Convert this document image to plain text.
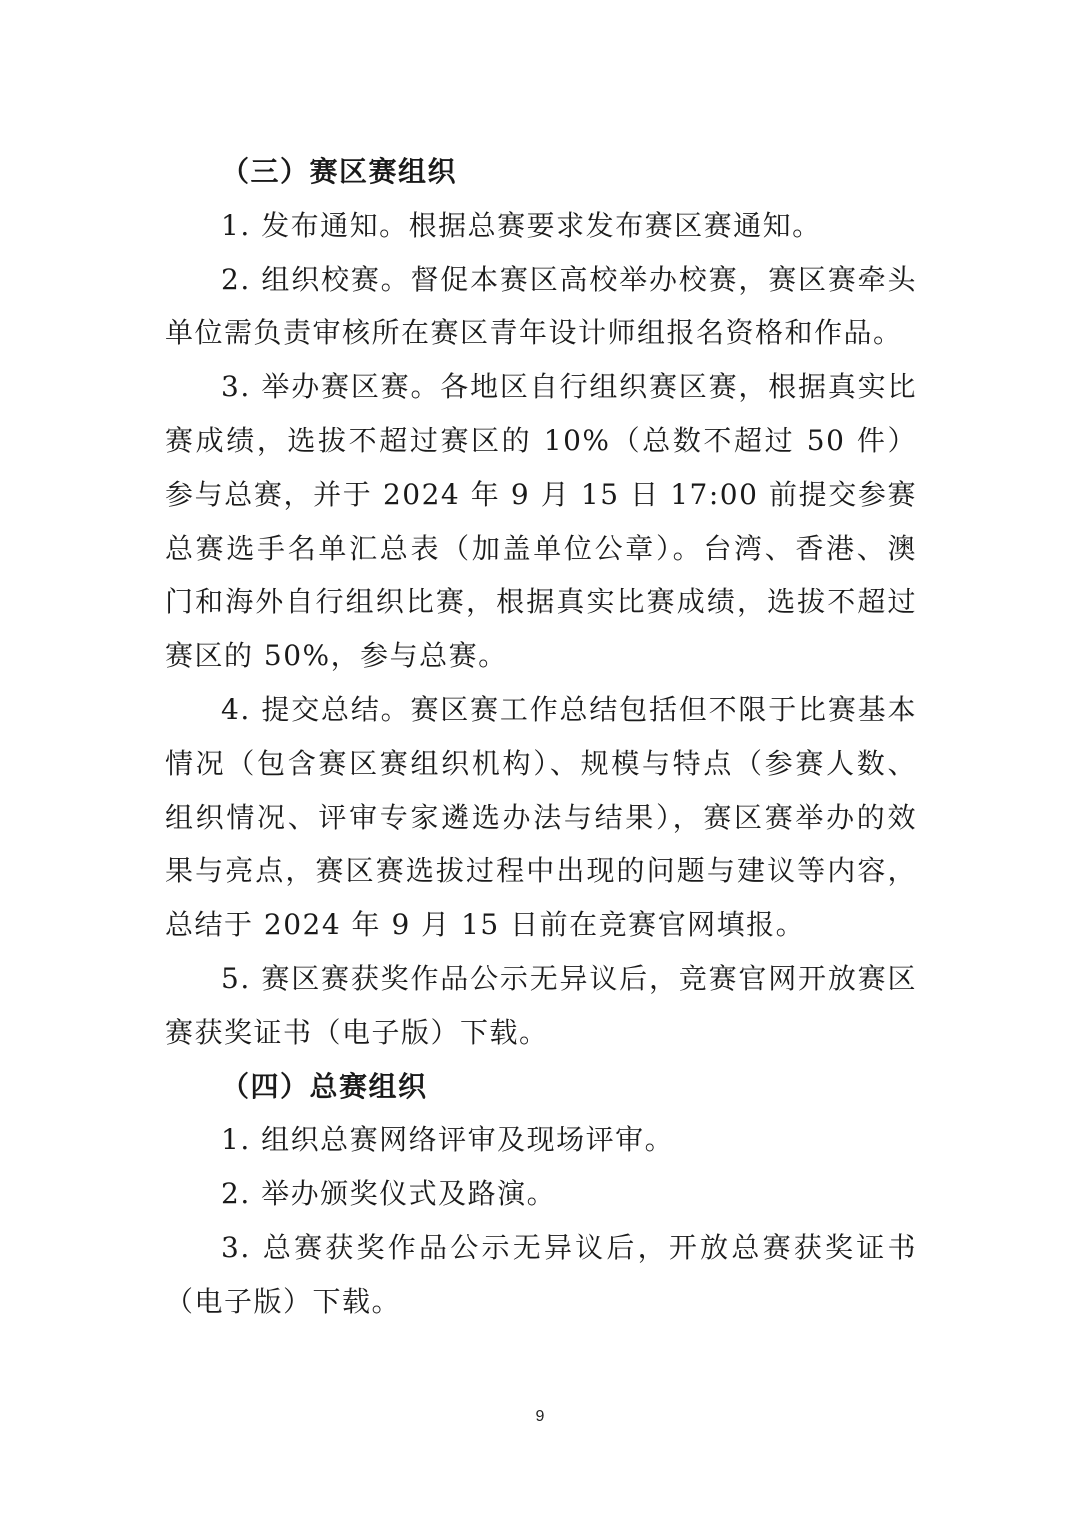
（三）赛区赛组织

1. 发布通知。根据总赛要求发布赛区赛通知。

2. 组织校赛。督促本赛区高校举办校赛，赛区赛牵头单位需负责审核所在赛区青年设计师组报名资格和作品。

3. 举办赛区赛。各地区自行组织赛区赛，根据真实比赛成绩，选拔不超过赛区的 10%（总数不超过 50 件）参与总赛，并于 2024 年 9 月 15 日 17:00 前提交参赛总赛选手名单汇总表（加盖单位公章）。台湾、香港、澳门和海外自行组织比赛，根据真实比赛成绩，选拔不超过赛区的 50%，参与总赛。

4. 提交总结。赛区赛工作总结包括但不限于比赛基本情况（包含赛区赛组织机构）、规模与特点（参赛人数、组织情况、评审专家遴选办法与结果），赛区赛举办的效果与亮点，赛区赛选拔过程中出现的问题与建议等内容，总结于 2024 年 9 月 15 日前在竞赛官网填报。

5. 赛区赛获奖作品公示无异议后，竞赛官网开放赛区赛获奖证书（电子版）下载。

（四）总赛组织

1. 组织总赛网络评审及现场评审。

2. 举办颁奖仪式及路演。

3. 总赛获奖作品公示无异议后，开放总赛获奖证书（电子版）下载。

9
